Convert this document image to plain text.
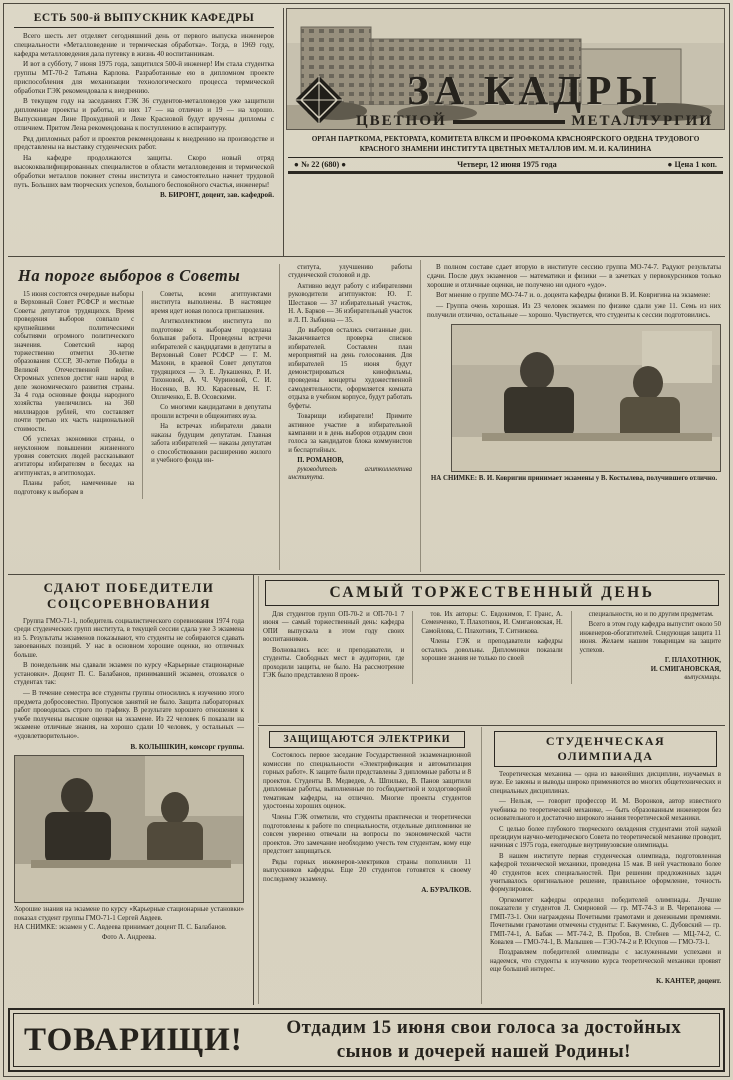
ЕСТЬ 500-й ВЫПУСКНИК КАФЕДРЫ

Всего шесть лет отделяет сегодняшний день от первого выпуска инженеров специальности «Металловедение и термическая обработка». Тогда, в 1969 году, кафедра металловедения дала путевку в жизнь 40 воспитанникам.

И вот в субботу, 7 июня 1975 года, защитился 500-й инженер! Им стала студентка группы МТ-70-2 Татьяна Карлова. Разработанные ею в дипломном проекте приспособления для механизации технологического процесса термической обработки ГЭК рекомендовала к внедрению.

В текущем году на заседаниях ГЭК 36 студентов-металловедов уже защитили дипломные проекты и работы, из них 17 — на отлично и 19 — на хорошо. Выпускницам Лине Прокудиной и Лене Красновой будут вручены дипломы с отличием. Притом Лена рекомендована к поступлению в аспирантуру.

Ряд дипломных работ и проектов рекомендованы к внедрению на производстве и представлены на выставку студенческих работ.

На кафедре продолжаются защиты. Скоро новый отряд высококвалифицированных специалистов в области металловедения и термической обработки металлов покинет стены института и самостоятельно начнет трудовой путь. Больших вам творческих успехов, большого беспокойного счастья, инженеры!

В. БИРОНТ, доцент, зав. кафедрой.

ЗА КАДРЫ
ЦВЕТНОЙ	МЕТАЛЛУРГИИ

ОРГАН ПАРТКОМА, РЕКТОРАТА, КОМИТЕТА ВЛКСМ И ПРОФКОМА КРАСНОЯРСКОГО ОРДЕНА ТРУДОВОГО КРАСНОГО ЗНАМЕНИ ИНСТИТУТА ЦВЕТНЫХ МЕТАЛЛОВ ИМ. М. И. КАЛИНИНА

● № 22 (680) ●	Четверг, 12 июня 1975 года	● Цена 1 коп.
На пороге выборов в Советы

15 июня состоятся очередные выборы в Верховный Совет РСФСР и местные Советы депутатов трудящихся. Время проведения выборов совпало с крупнейшими политическими событиями огромного политического значения. Советский народ торжественно отметил 30-летие образования СССР, 30-летие Победы в Великой Отечественной войне. Огромных успехов достиг наш народ в деле экономического развития страны. За 4 года основные фонды народного хозяйства увеличились на 360 миллиардов рублей, что составляет почти третью их часть национальной стоимости.

Об успехах экономики страны, о неуклонном повышении жизненного уровня советских людей рассказывают агитаторы избирателям в беседах на агитпунктах, в агитпоходах.

Планы работ, намеченные на подготовку к выборам в

Советы, всеми агитпунктами института выполнены. В настоящее время идет новая полоса приглашения.

Агитколлективом института по подготовке к выборам проделана большая работа. Проведены встречи избирателей с кандидатами в депутаты в Верховный Совет РСФСР — Г. М. Махони, в краевой Совет депутатов трудящихся — Э. Е. Лукашенко, Р. И. Тихоновой, А. Ч. Чуриновой, С. И. Носенко, В. Ю. Карасевым, Н. Г. Опличенко, Е. В. Осовскими.

Со многими кандидатами в депутаты прошли встречи в общежитиях вуза.

На встречах избиратели давали наказы будущим депутатам. Главная забота избирателей — наказы депутатам о способствовании расширению жилого и учебного фонда ин-

ститута, улучшению работы студенческой столовой и др.

Активно ведут работу с избирателями руководители агитпунктов: Ю. Г. Шестаков — 37 избирательный участок, Н. А. Барков — 36 избирательный участок и Л. П. Зыбкина — 35.

До выборов остались считанные дни. Заканчивается проверка списков избирателей. Составлен план мероприятий на день голосования. Для избирателей 15 июня будут демонстрироваться кинофильмы, проведены концерты художественной самодеятельности, оформляется комната отдыха в учебном корпусе, будут работать буфеты.

Товарищи избиратели! Примите активное участие в избирательной кампании и в день выборов отдадим свои голоса за кандидатов блока коммунистов и беспартийных.

П. РОМАНОВ,
руководитель агитколлектива института.

В полном составе сдает вторую в институте сессию группа МО-74-7. Радуют результаты сдачи. После двух экзаменов — математики и физики — в зачетках у первокурсников только хорошие и отличные оценки, не получено ни одного «удо».

Вот мнение о группе МО-74-7 и. о. доцента кафедры физики В. И. Ковригина на экзамене:

— Группа очень хорошая. Из 23 человек экзамен по физике сдали уже 11. Семь из них получили отлично, остальные — хорошо. Чувствуется, что студенты к сессии подготовились.

НА СНИМКЕ: В. И. Ковригин принимает экзамены у В. Костылева, получившего отлично.

СДАЮТ ПОБЕДИТЕЛИ
СОЦСОРЕВНОВАНИЯ

Группа ГМО-71-1, победитель социалистического соревнования 1974 года среди студенческих групп института, в текущей сессии сдала уже 3 экзамена из 5. Результаты экзаменов показывают, что студенты не собираются сдавать завоеванных позиций. У нас в основном хорошие оценки, но отличных больше.

В понедельник мы сдавали экзамен по курсу «Карьерные стационарные установки». Доцент П. С. Балабанов, принимавший экзамен, отозвался о студентах так:

— В течение семестра все студенты группы относились к изучению этого предмета добросовестно. Пропусков занятий не было. Защита лабораторных работ проводилась строго по графику. В результате хорошего отношения к учебе получены высокие оценки на экзамене. Из 22 человек 6 показали на экзамене отличные знания, на хорошо сдали 10 человек, у остальных — «удовлетворительно».

В. КОЛЫШКИН, комсорг группы.

Хорошие знания на экзамене по курсу «Карьерные стационарные установки» показал студент группы ГМО-71-1 Сергей Авдеев.

НА СНИМКЕ: экзамен у С. Авдеева принимает доцент П. С. Балабанов.

Фото А. Андреева.

САМЫЙ ТОРЖЕСТВЕННЫЙ ДЕНЬ

Для студентов групп ОП-70-2 и ОП-70-1 7 июня — самый торжественный день: кафедра ОПИ выпускала в этом году своих воспитанников.

Волновались все: и преподаватели, и студенты. Свободных мест в аудитории, где проходили защиты, не было. На рассмотрение ГЭК было представлено 8 проек-

тов. Их авторы: С. Евдокимов, Г. Гранс, А. Семенченко, Т. Плахотнюк, И. Смигановская, Н. Самойлова, С. Плахотник, Т. Ситникова.

Члены ГЭК и преподаватели кафедры остались довольны. Дипломники показали хорошие знания не только по своей

специальности, но и по другим предметам.

Всего в этом году кафедра выпустит около 50 инженеров-обогатителей. Следующая защита 11 июня. Желаем нашим товарищам на защите успехов.

Г. ПЛАХОТНЮК,
И. СМИГАНОВСКАЯ,

выпускницы.

ЗАЩИЩАЮТСЯ ЭЛЕКТРИКИ

Состоялось первое заседание Государственной экзаменационной комиссии по специальности «Электрификация и автоматизация горных работ». К защите были представлены 3 дипломные работы и 8 проектов. Студенты В. Медведев, А. Шпилько, В. Панов защитили дипломные работы, выполненные по госбюджетной и хоздоговорной тематикам кафедры, на отлично. Многие проекты студентов удостоены хороших оценок.

Члены ГЭК отметили, что студенты практически и теоретически подготовлены к работе по специальности, отдельные дипломники не совсем уверенно отвечали на вопросы по экономической части проектов. Это замечание необходимо учесть тем студентам, кому еще предстоит защищаться.

Ряды горных инженеров-электриков страны пополнили 11 выпускников кафедры. Еще 20 студентов готовятся к своему последнему экзамену.

А. БУРАЛКОВ.

СТУДЕНЧЕСКАЯ ОЛИМПИАДА

Теоретическая механика — одна из важнейших дисциплин, изучаемых в вузе. Ее законы и выводы широко применяются во многих общетехнических и специальных дисциплинах.

— Нельзя, — говорит профессор И. М. Воронков, автор известного учебника по теоретической механике, — быть образованным инженером без основательного и достаточно широкого знания теоретической механики.

С целью более глубокого творческого овладения студентами этой наукой президиум научно-методического Совета по теоретической механике проводит, начиная с 1975 года, ежегодные внутривузовские олимпиады.

В нашем институте первая студенческая олимпиада, подготовленная кафедрой технической механики, проведена 15 мая. В ней участвовало более 40 студентов всех специальностей. При решении предложенных задач учитывалось оригинальное решение, правильное оформление, точность формулировок.

Оргкомитет кафедры определил победителей олимпиады. Лучшие показатели у студентов Л. Смирновой — гр. МТ-74-3 и В. Черепанова — ГМП-73-1. Они награждены Почетными грамотами и денежными премиями. Почетными грамотами отмечены студенты: Г. Бакуменко, С. Дубовский — гр. ГМП-74-1, А. Бабак — МТ-74-2, В. Пробов, В. Стебнев — МЦ-74-2, С. Ковалев — ГМО-74-1, В. Малышев — ГЭО-74-2 и Р. Юсупов — ГМО-73-1.

Поздравляем победителей олимпиады с заслуженными успехами и надеемся, что студенты к изучению курса теоретической механики проявят еще больший интерес.

К. КАНТЕР, доцент.

ТОВАРИЩИ!	Отдадим 15 июня свои голоса за достойных сынов и дочерей нашей Родины!
